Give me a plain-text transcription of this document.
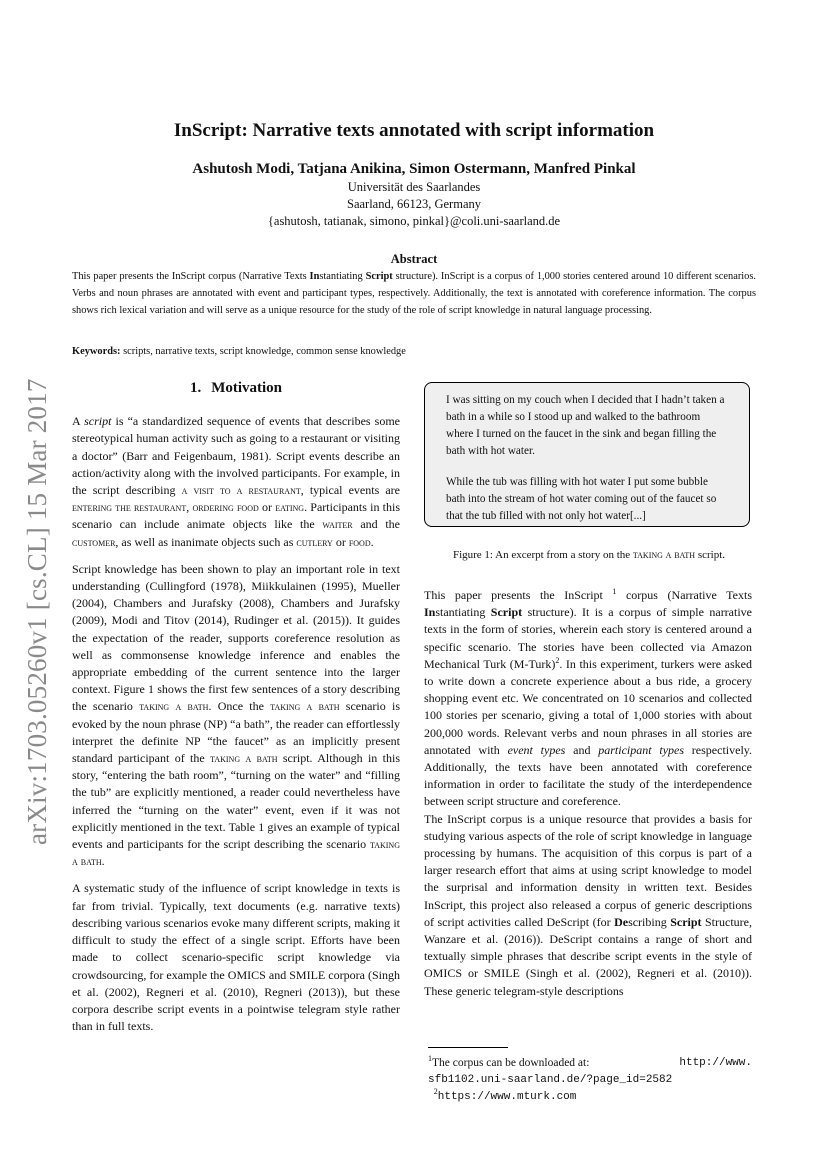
arXiv:1703.05260v1 [cs.CL] 15 Mar 2017
InScript: Narrative texts annotated with script information
Ashutosh Modi, Tatjana Anikina, Simon Ostermann, Manfred Pinkal
Universität des Saarlandes
Saarland, 66123, Germany
{ashutosh, tatianak, simono, pinkal}@coli.uni-saarland.de
Abstract
This paper presents the InScript corpus (Narrative Texts Instantiating Script structure). InScript is a corpus of 1,000 stories centered around 10 different scenarios. Verbs and noun phrases are annotated with event and participant types, respectively. Additionally, the text is annotated with coreference information. The corpus shows rich lexical variation and will serve as a unique resource for the study of the role of script knowledge in natural language processing.
Keywords: scripts, narrative texts, script knowledge, common sense knowledge
1. Motivation

A script is “a standardized sequence of events that describes some stereotypical human activity such as going to a restaurant or visiting a doctor” (Barr and Feigenbaum, 1981). Script events describe an action/activity along with the involved participants. For example, in the script describing a visit to a restaurant, typical events are entering the restaurant, ordering food or eating. Participants in this scenario can include animate objects like the waiter and the customer, as well as inanimate objects such as cutlery or food.

Script knowledge has been shown to play an important role in text understanding (Cullingford (1978), Miikkulainen (1995), Mueller (2004), Chambers and Jurafsky (2008), Chambers and Jurafsky (2009), Modi and Titov (2014), Rudinger et al. (2015)). It guides the expectation of the reader, supports coreference resolution as well as commonsense knowledge inference and enables the appropriate embedding of the current sentence into the larger context. Figure 1 shows the first few sentences of a story describing the scenario taking a bath. Once the taking a bath scenario is evoked by the noun phrase (NP) “a bath”, the reader can effortlessly interpret the definite NP “the faucet” as an implicitly present standard participant of the taking a bath script. Although in this story, “entering the bath room”, “turning on the water” and “filling the tub” are explicitly mentioned, a reader could nevertheless have inferred the “turning on the water” event, even if it was not explicitly mentioned in the text. Table 1 gives an example of typical events and participants for the script describing the scenario taking a bath.

A systematic study of the influence of script knowledge in texts is far from trivial. Typically, text documents (e.g. narrative texts) describing various scenarios evoke many different scripts, making it difficult to study the effect of a single script. Efforts have been made to collect scenario-specific script knowledge via crowdsourcing, for example the OMICS and SMILE corpora (Singh et al. (2002), Regneri et al. (2010), Regneri (2013)), but these corpora describe script events in a pointwise telegram style rather than in full texts.

I was sitting on my couch when I decided that I hadn’t taken a bath in a while so I stood up and walked to the bathroom where I turned on the faucet in the sink and began filling the bath with hot water.

While the tub was filling with hot water I put some bubble bath into the stream of hot water coming out of the faucet so that the tub filled with not only hot water[...]

Figure 1: An excerpt from a story on the taking a bath script.

This paper presents the InScript $^1$ corpus (Narrative Texts Instantiating Script structure). It is a corpus of simple narrative texts in the form of stories, wherein each story is centered around a specific scenario. The stories have been collected via Amazon Mechanical Turk (M-Turk)$^2$. In this experiment, turkers were asked to write down a concrete experience about a bus ride, a grocery shopping event etc. We concentrated on 10 scenarios and collected 100 stories per scenario, giving a total of 1,000 stories with about 200,000 words. Relevant verbs and noun phrases in all stories are annotated with event types and participant types respectively. Additionally, the texts have been annotated with coreference information in order to facilitate the study of the interdependence between script structure and coreference.

The InScript corpus is a unique resource that provides a basis for studying various aspects of the role of script knowledge in language processing by humans. The acquisition of this corpus is part of a larger research effort that aims at using script knowledge to model the surprisal and information density in written text. Besides InScript, this project also released a corpus of generic descriptions of script activities called DeScript (for Describing Script Structure, Wanzare et al. (2016)). DeScript contains a range of short and textually simple phrases that describe script events in the style of OMICS or SMILE (Singh et al. (2002), Regneri et al. (2010)). These generic telegram-style descriptions

$^1$The corpus can be downloaded at:	http://www.
sfb1102.uni-saarland.de/?page_id=2582
$^2$https://www.mturk.com
